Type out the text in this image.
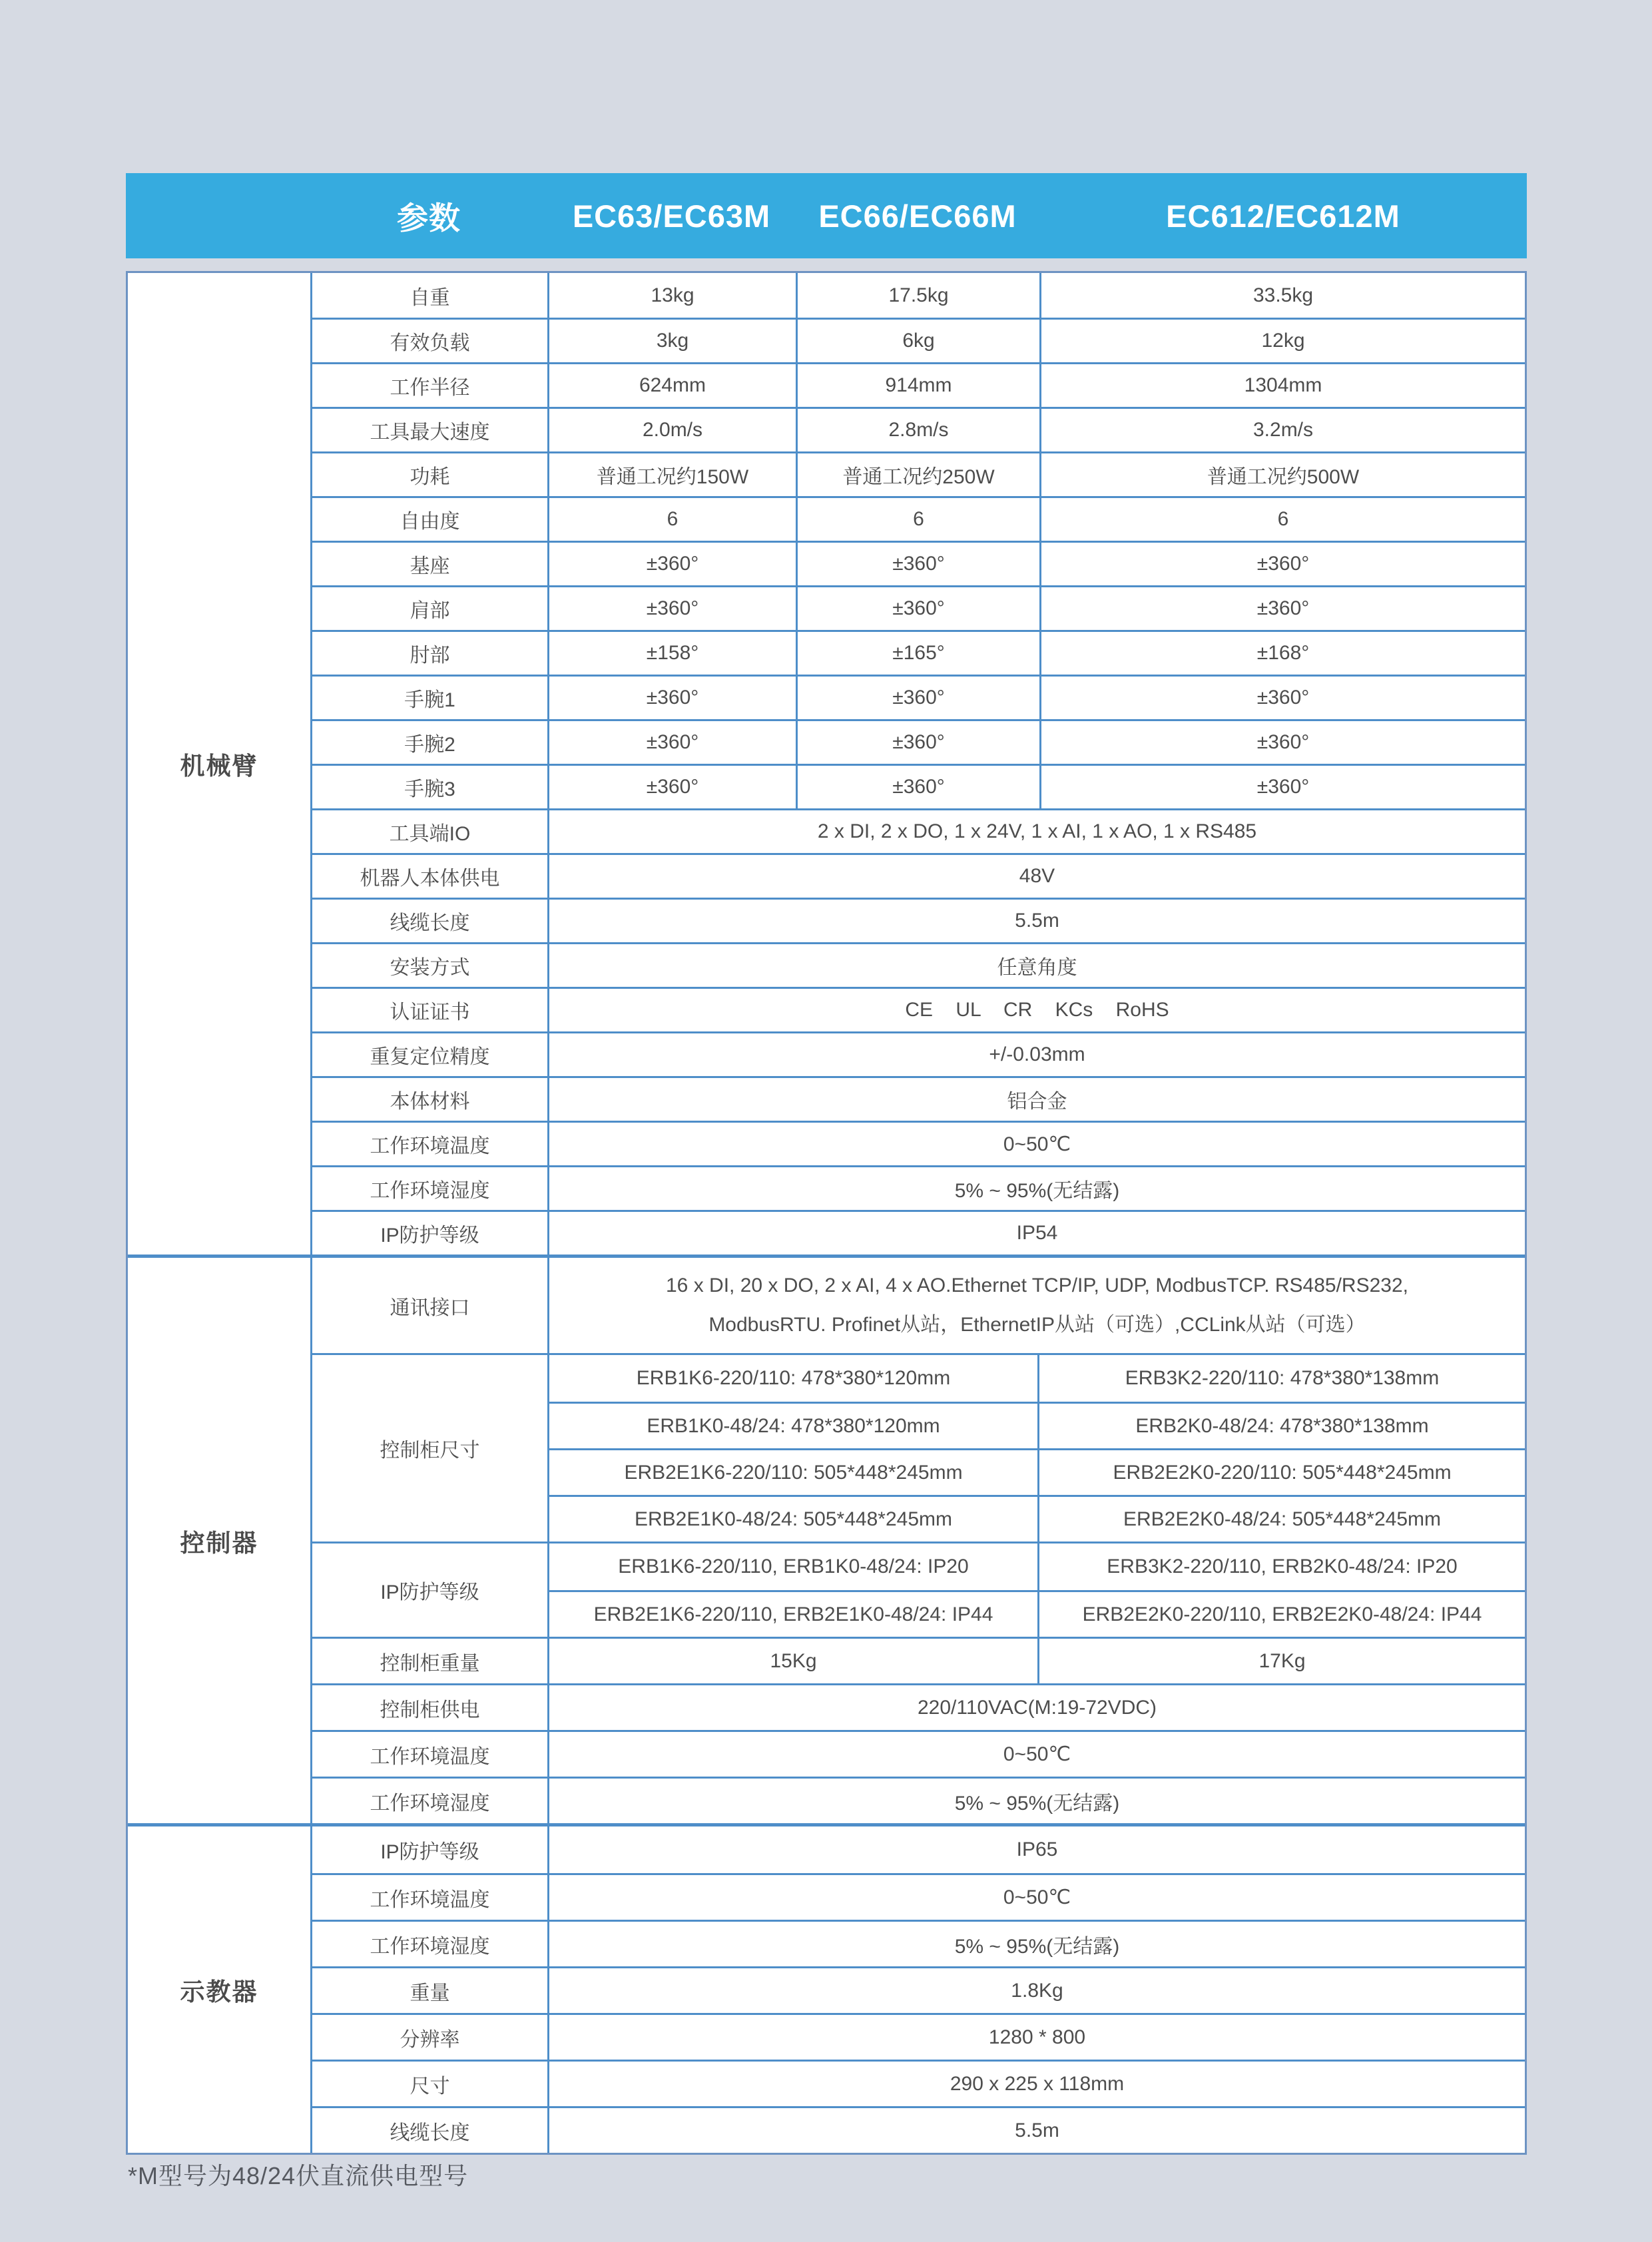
参数	EC63/EC63M	EC66/EC66M	EC612/EC612M
机械臂
自重	13kg	17.5kg	33.5kg
有效负载	3kg	6kg	12kg
工作半径	624mm	914mm	1304mm
工具最大速度	2.0m/s	2.8m/s	3.2m/s
功耗	普通工况约150W	普通工况约250W	普通工况约500W
自由度	6	6	6
基座	±360°	±360°	±360°
肩部	±360°	±360°	±360°
肘部	±158°	±165°	±168°
手腕1	±360°	±360°	±360°
手腕2	±360°	±360°	±360°
手腕3	±360°	±360°	±360°
工具端IO	2 x DI, 2 x DO, 1 x 24V, 1 x AI, 1 x AO, 1 x RS485
机器人本体供电	48V
线缆长度	5.5m
安装方式	任意角度
认证证书	CE UL CR KCs RoHS
重复定位精度	+/-0.03mm
本体材料	铝合金
工作环境温度	0~50℃
工作环境湿度	5% ~ 95%(无结露)
IP防护等级	IP54
控制器
通讯接口
16 x DI, 20 x DO, 2 x AI, 4 x AO.Ethernet TCP/IP, UDP, ModbusTCP. RS485/RS232,
ModbusRTU. Profinet从站，EthernetIP从站（可选）,CCLink从站（可选）
控制柜尺寸
ERB1K6-220/110: 478*380*120mm	ERB3K2-220/110: 478*380*138mm
ERB1K0-48/24: 478*380*120mm	ERB2K0-48/24: 478*380*138mm
ERB2E1K6-220/110: 505*448*245mm	ERB2E2K0-220/110: 505*448*245mm
ERB2E1K0-48/24: 505*448*245mm	ERB2E2K0-48/24: 505*448*245mm
IP防护等级
ERB1K6-220/110, ERB1K0-48/24: IP20	ERB3K2-220/110, ERB2K0-48/24: IP20
ERB2E1K6-220/110, ERB2E1K0-48/24: IP44	ERB2E2K0-220/110, ERB2E2K0-48/24: IP44
控制柜重量	15Kg	17Kg
控制柜供电	220/110VAC(M:19-72VDC)
工作环境温度	0~50℃
工作环境湿度	5% ~ 95%(无结露)
示教器
IP防护等级	IP65
工作环境温度	0~50℃
工作环境湿度	5% ~ 95%(无结露)
重量	1.8Kg
分辨率	1280 * 800
尺寸	290 x 225 x 118mm
线缆长度	5.5m
*M型号为48/24伏直流供电型号
